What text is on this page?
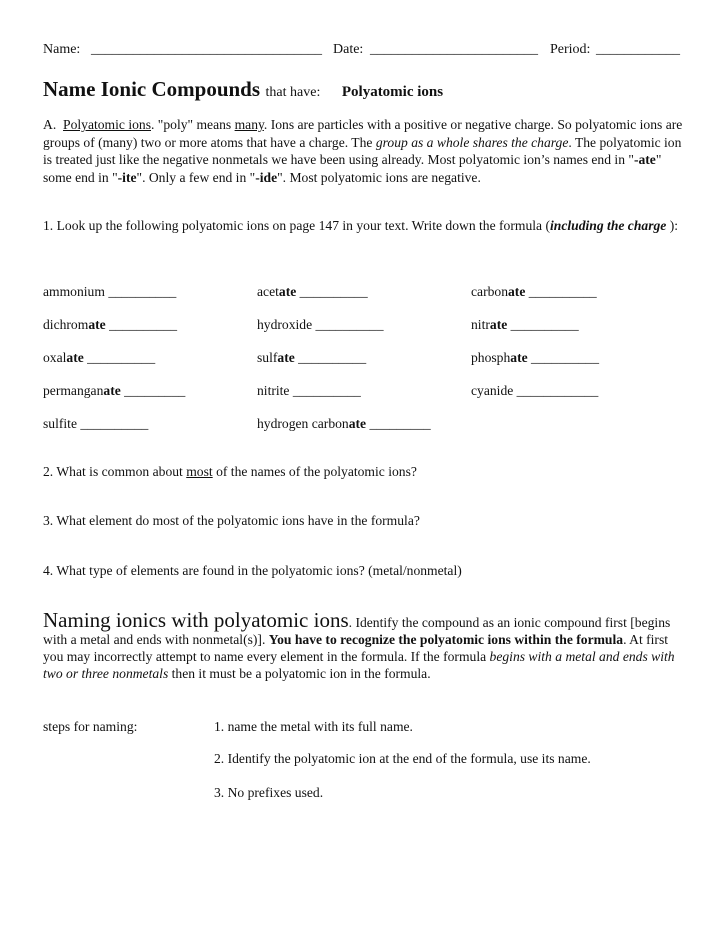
Name: _________________________________ Date: ________________________ Period: ____________
Name Ionic Compounds that have: Polyatomic ions
A. Polyatomic ions. "poly" means many. Ions are particles with a positive or negative charge. So polyatomic ions are groups of (many) two or more atoms that have a charge. The group as a whole shares the charge. The polyatomic ion is treated just like the negative nonmetals we have been using already. Most polyatomic ion’s names end in "-ate" some end in "-ite". Only a few end in "-ide". Most polyatomic ions are negative.
1. Look up the following polyatomic ions on page 147 in your text. Write down the formula (including the charge ):
ammonium __________	acetate __________	carbonate __________
dichromate __________	hydroxide __________	nitrate __________
oxalate __________	sulfate __________	phosphate __________
permanganate _________	nitrite __________	cyanide ____________
sulfite __________	hydrogen carbonate _________
2. What is common about most of the names of the polyatomic ions?
3. What element do most of the polyatomic ions have in the formula?
4. What type of elements are found in the polyatomic ions? (metal/nonmetal)
Naming ionics with polyatomic ions. Identify the compound as an ionic compound first [begins with a metal and ends with nonmetal(s)]. You have to recognize the polyatomic ions within the formula. At first you may incorrectly attempt to name every element in the formula. If the formula begins with a metal and ends with two or three nonmetals then it must be a polyatomic ion in the formula.
steps for naming:	1. name the metal with its full name.
2. Identify the polyatomic ion at the end of the formula, use its name.
3. No prefixes used.
